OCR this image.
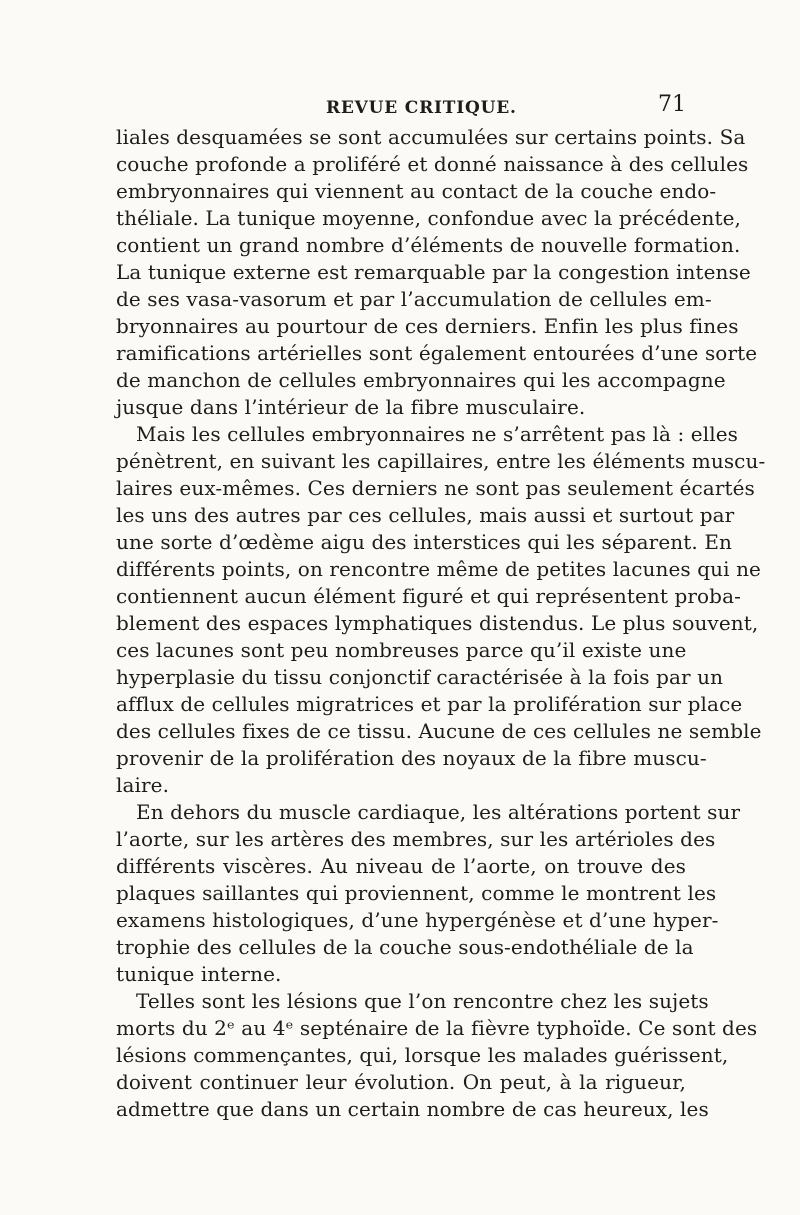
REVUE CRITIQUE.	71
liales desquamées se sont accumulées sur certains points. Sa
couche profonde a proliféré et donné naissance à des cellules
embryonnaires qui viennent au contact de la couche endo-
théliale. La tunique moyenne, confondue avec la précédente,
contient un grand nombre d’éléments de nouvelle formation.
La tunique externe est remarquable par la congestion intense
de ses vasa-vasorum et par l’accumulation de cellules em-
bryonnaires au pourtour de ces derniers. Enfin les plus fines
ramifications artérielles sont également entourées d’une sorte
de manchon de cellules embryonnaires qui les accompagne
jusque dans l’intérieur de la fibre musculaire.
Mais les cellules embryonnaires ne s’arrêtent pas là : elles
pénètrent, en suivant les capillaires, entre les éléments muscu-
laires eux-mêmes. Ces derniers ne sont pas seulement écartés
les uns des autres par ces cellules, mais aussi et surtout par
une sorte d’œdème aigu des interstices qui les séparent. En
différents points, on rencontre même de petites lacunes qui ne
contiennent aucun élément figuré et qui représentent proba-
blement des espaces lymphatiques distendus. Le plus souvent,
ces lacunes sont peu nombreuses parce qu’il existe une
hyperplasie du tissu conjonctif caractérisée à la fois par un
afflux de cellules migratrices et par la prolifération sur place
des cellules fixes de ce tissu. Aucune de ces cellules ne semble
provenir de la prolifération des noyaux de la fibre muscu-
laire.
En dehors du muscle cardiaque, les altérations portent sur
l’aorte, sur les artères des membres, sur les artérioles des
différents viscères. Au niveau de l’aorte, on trouve des
plaques saillantes qui proviennent, comme le montrent les
examens histologiques, d’une hypergénèse et d’une hyper-
trophie des cellules de la couche sous-endothéliale de la
tunique interne.
Telles sont les lésions que l’on rencontre chez les sujets
morts du 2ᵉ au 4ᵉ septénaire de la fièvre typhoïde. Ce sont des
lésions commençantes, qui, lorsque les malades guérissent,
doivent continuer leur évolution. On peut, à la rigueur,
admettre que dans un certain nombre de cas heureux, les
